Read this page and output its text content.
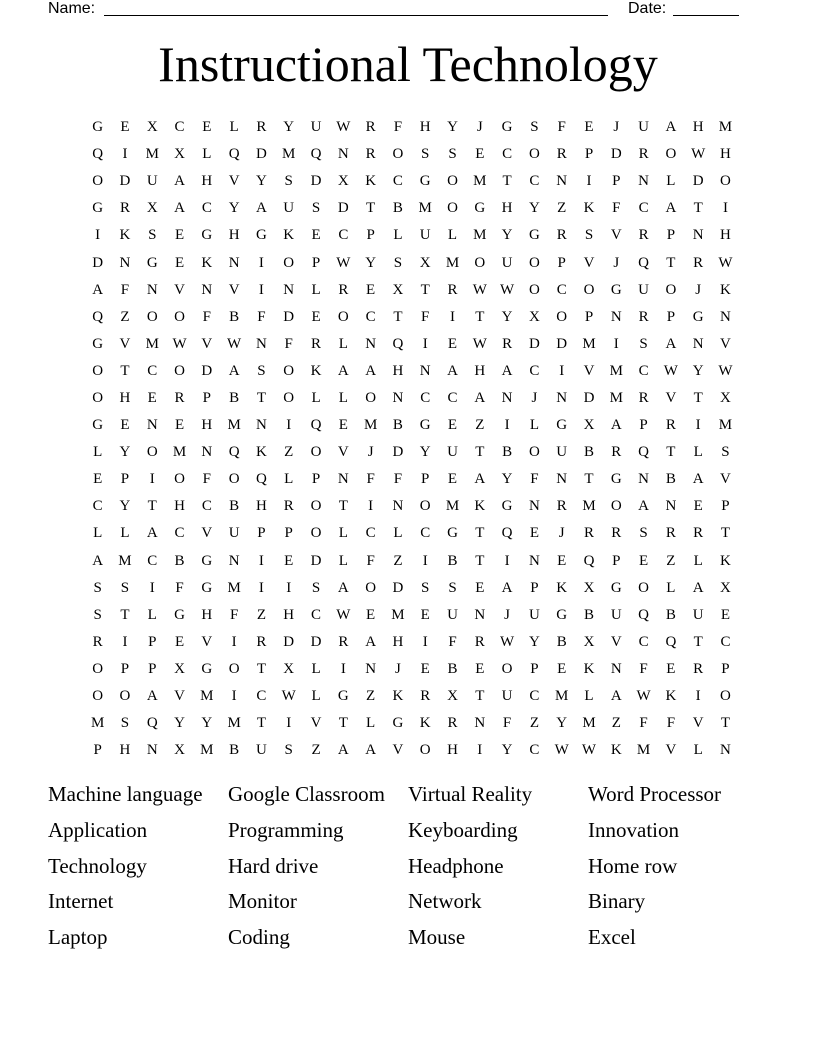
Name:	Date:
Instructional Technology
G	E	X	C	E	L	R	Y	U W	R	F	H	Y	J	G	S	F	E	J	U	A	H	M
Q	I	M	X	L	Q	D	M	Q	N	R	O	S	S	E	C	O	R	P	D	R	O W H
O	D	U	A	H	V	Y	S	D	X	K	C	G	O	M	T	C	N	I	P	N	L	D	O
G	R	X	A	C	Y	A	U	S	D	T	B	M	O	G	H	Y	Z	K	F	C	A	T	I
I	K	S	E	G	H	G	K	E	C	P	L	U	L	M	Y	G	R	S	V	R	P	N	H
D	N	G	E	K	N	I	O	P	W Y	S	X	M	O	U	O	P	V	J	Q	T	R	W
A	F	N	V	N	V	I	N	L	R	E	X	T	R	W W O	C	O	G	U	O	J	K
Q	Z	O	O	F	B	F	D	E	O	C	T	F	I	T	Y	X	O	P	N	R	P	G	N
G	V	M W V W N	F	R	L	N	Q	I	E	W	R	D	D	M	I	S	A	N	V
O	T	C	O	D	A	S	O	K	A	A	H	N	A	H	A	C	I	V	M	C	W Y W
O	H	E	R	P	B	T	O	L	L	O	N	C	C	A	N	J	N	D	M	R	V	T	X
G	E	N	E	H	M	N	I	Q	E	M	B	G	E	Z	I	L	G	X	A	P	R	I	M
L	Y	O	M	N	Q	K	Z	O	V	J	D	Y	U	T	B	O	U	B	R	Q	T	L	S
E	P	I	O	F	O	Q	L	P	N	F	F	P	E	A	Y	F	N	T	G	N	B	A	V
C	Y	T	H	C	B	H	R	O	T	I	N	O	M	K	G	N	R	M	O	A	N	E	P
L	L	A	C	V	U	P	P	O	L	C	L	C	G	T	Q	E	J	R	R	S	R	R	T
A	M	C	B	G	N	I	E	D	L	F	Z	I	B	T	I	N	E	Q	P	E	Z	L	K
S	S	I	F	G	M	I	I	S	A	O	D	S	S	E	A	P	K	X	G	O	L	A	X
S	T	L	G	H	F	Z	H	C	W	E	M	E	U	N	J	U	G	B	U	Q	B	U	E
R	I	P	E	V	I	R	D	D	R	A	H	I	F	R	W Y	B	X	V	C	Q	T	C
O	P	P	X	G	O	T	X	L	I	N	J	E	B	E	O	P	E	K	N	F	E	R	P
O	O	A	V	M	I	C	W	L	G	Z	K	R	X	T	U	C	M	L	A W K	I	O
M	S	Q	Y	Y	M	T	I	V	T	L	G	K	R	N	F	Z	Y	M	Z	F	F	V	T
P	H	N	X	M	B	U	S	Z	A	A	V	O	H	I	Y	C	W W K	M	V	L	N
Machine language	Google Classroom	Virtual Reality	Word Processor
Application	Programming	Keyboarding	Innovation
Technology	Hard drive	Headphone	Home row
Internet	Monitor	Network	Binary
Laptop	Coding	Mouse	Excel
